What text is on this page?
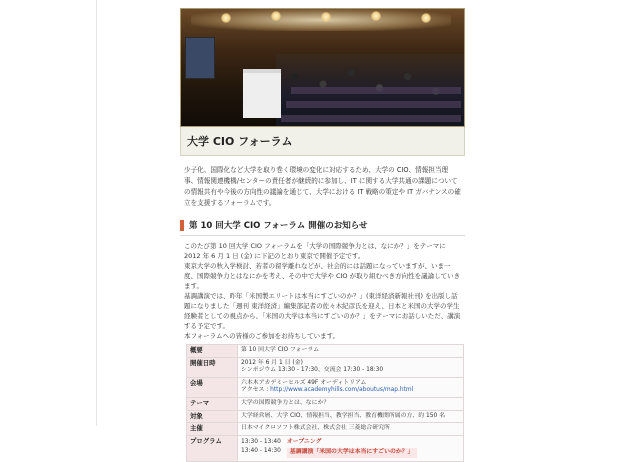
大学 CIO フォーラム

少子化、国際化など大学を取り巻く環境の変化に対応するため、大学の CIO、情報担当理事、情報関連機構/センターの責任者が継続的に参加し、IT に関する大学共通の課題についての情報共有や今後の方向性の議論を通じて、大学における IT 戦略の策定や IT ガバナンスの確立を支援するフォーラムです。

第 10 回大学 CIO フォーラム 開催のお知らせ

このたび第 10 回大学 CIO フォーラムを「大学の国際競争力とは、なにか？」をテーマに 2012 年 6 月 1 日 (金) に下記のとおり東京で開催予定です。

東京大学の秋入学検討、若者の留学離れなどが、社会的には話題になっていますが、いま一度、国際競争力とはなにかを考え、その中で大学や CIO が取り組むべき方向性を議論していきます。

基調講演では、昨年「米国製エリートは本当にすごいのか？」(東洋経済新報社刊) を出版し話題になりました「週刊 東洋経済」編集部記者の佐々木紀彦氏を迎え、日本と米国の大学の学生経験者としての視点から、「米国の大学は本当にすごいのか？」をテーマにお話しいただ、講演する予定です。

本フォーラムへの皆様のご参加をお待ちしています。

概要	第 10 回大学 CIO フォーラム
開催日時	2012 年 6 月 1 日 (金)
シンポジウム 13:30 - 17:30、交流会 17:30 - 18:30

会場	六本木アカデミーヒルズ 49F オーディトリアム
アクセス : http://www.academyhills.com/aboutus/map.html

テーマ	大学の国際競争力とは、なにか？
対象	大学経営層、大学 CIO、情報担当、教学担当、教育機関所属の方、約 150 名
主催	日本マイクロソフト株式会社、株式会社 三菱総合研究所
プログラム	13:30 - 13:40 オープニング
13:40 - 14:30 基調講演「米国の大学は本当にすごいのか？」
